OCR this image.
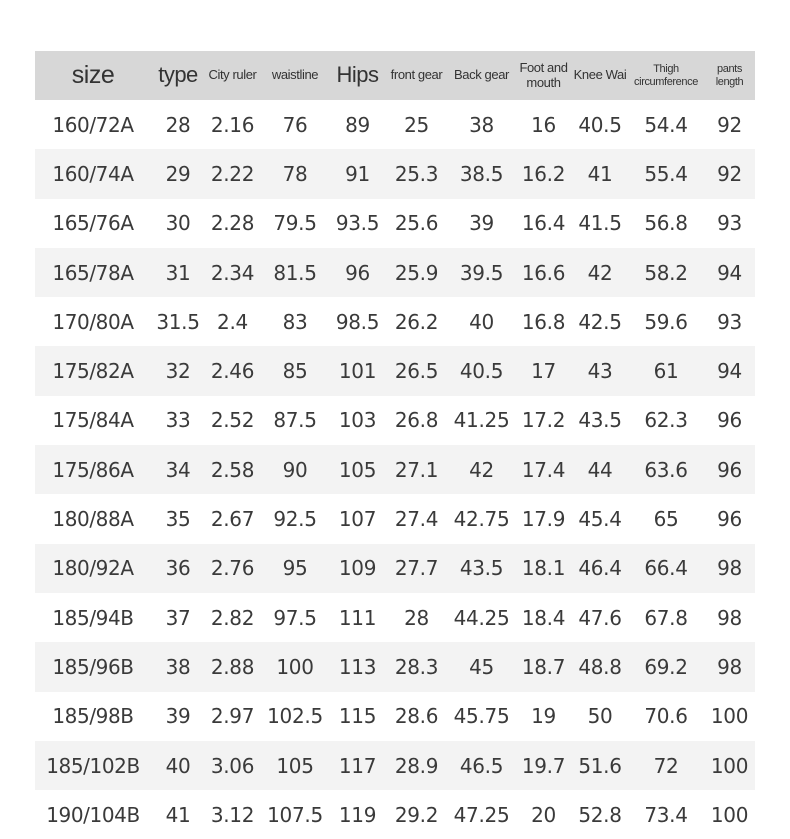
size	type	City ruler	waistline	Hips	front gear	Back gear	Foot and mouth	Knee Wai	Thigh circumference	pants length
160/72A	28	2.16	76	89	25	38	16	40.5	54.4	92
160/74A	29	2.22	78	91	25.3	38.5	16.2	41	55.4	92
165/76A	30	2.28	79.5	93.5	25.6	39	16.4	41.5	56.8	93
165/78A	31	2.34	81.5	96	25.9	39.5	16.6	42	58.2	94
170/80A	31.5	2.4	83	98.5	26.2	40	16.8	42.5	59.6	93
175/82A	32	2.46	85	101	26.5	40.5	17	43	61	94
175/84A	33	2.52	87.5	103	26.8	41.25	17.2	43.5	62.3	96
175/86A	34	2.58	90	105	27.1	42	17.4	44	63.6	96
180/88A	35	2.67	92.5	107	27.4	42.75	17.9	45.4	65	96
180/92A	36	2.76	95	109	27.7	43.5	18.1	46.4	66.4	98
185/94B	37	2.82	97.5	111	28	44.25	18.4	47.6	67.8	98
185/96B	38	2.88	100	113	28.3	45	18.7	48.8	69.2	98
185/98B	39	2.97	102.5	115	28.6	45.75	19	50	70.6	100
185/102B	40	3.06	105	117	28.9	46.5	19.7	51.6	72	100
190/104B	41	3.12	107.5	119	29.2	47.25	20	52.8	73.4	100
